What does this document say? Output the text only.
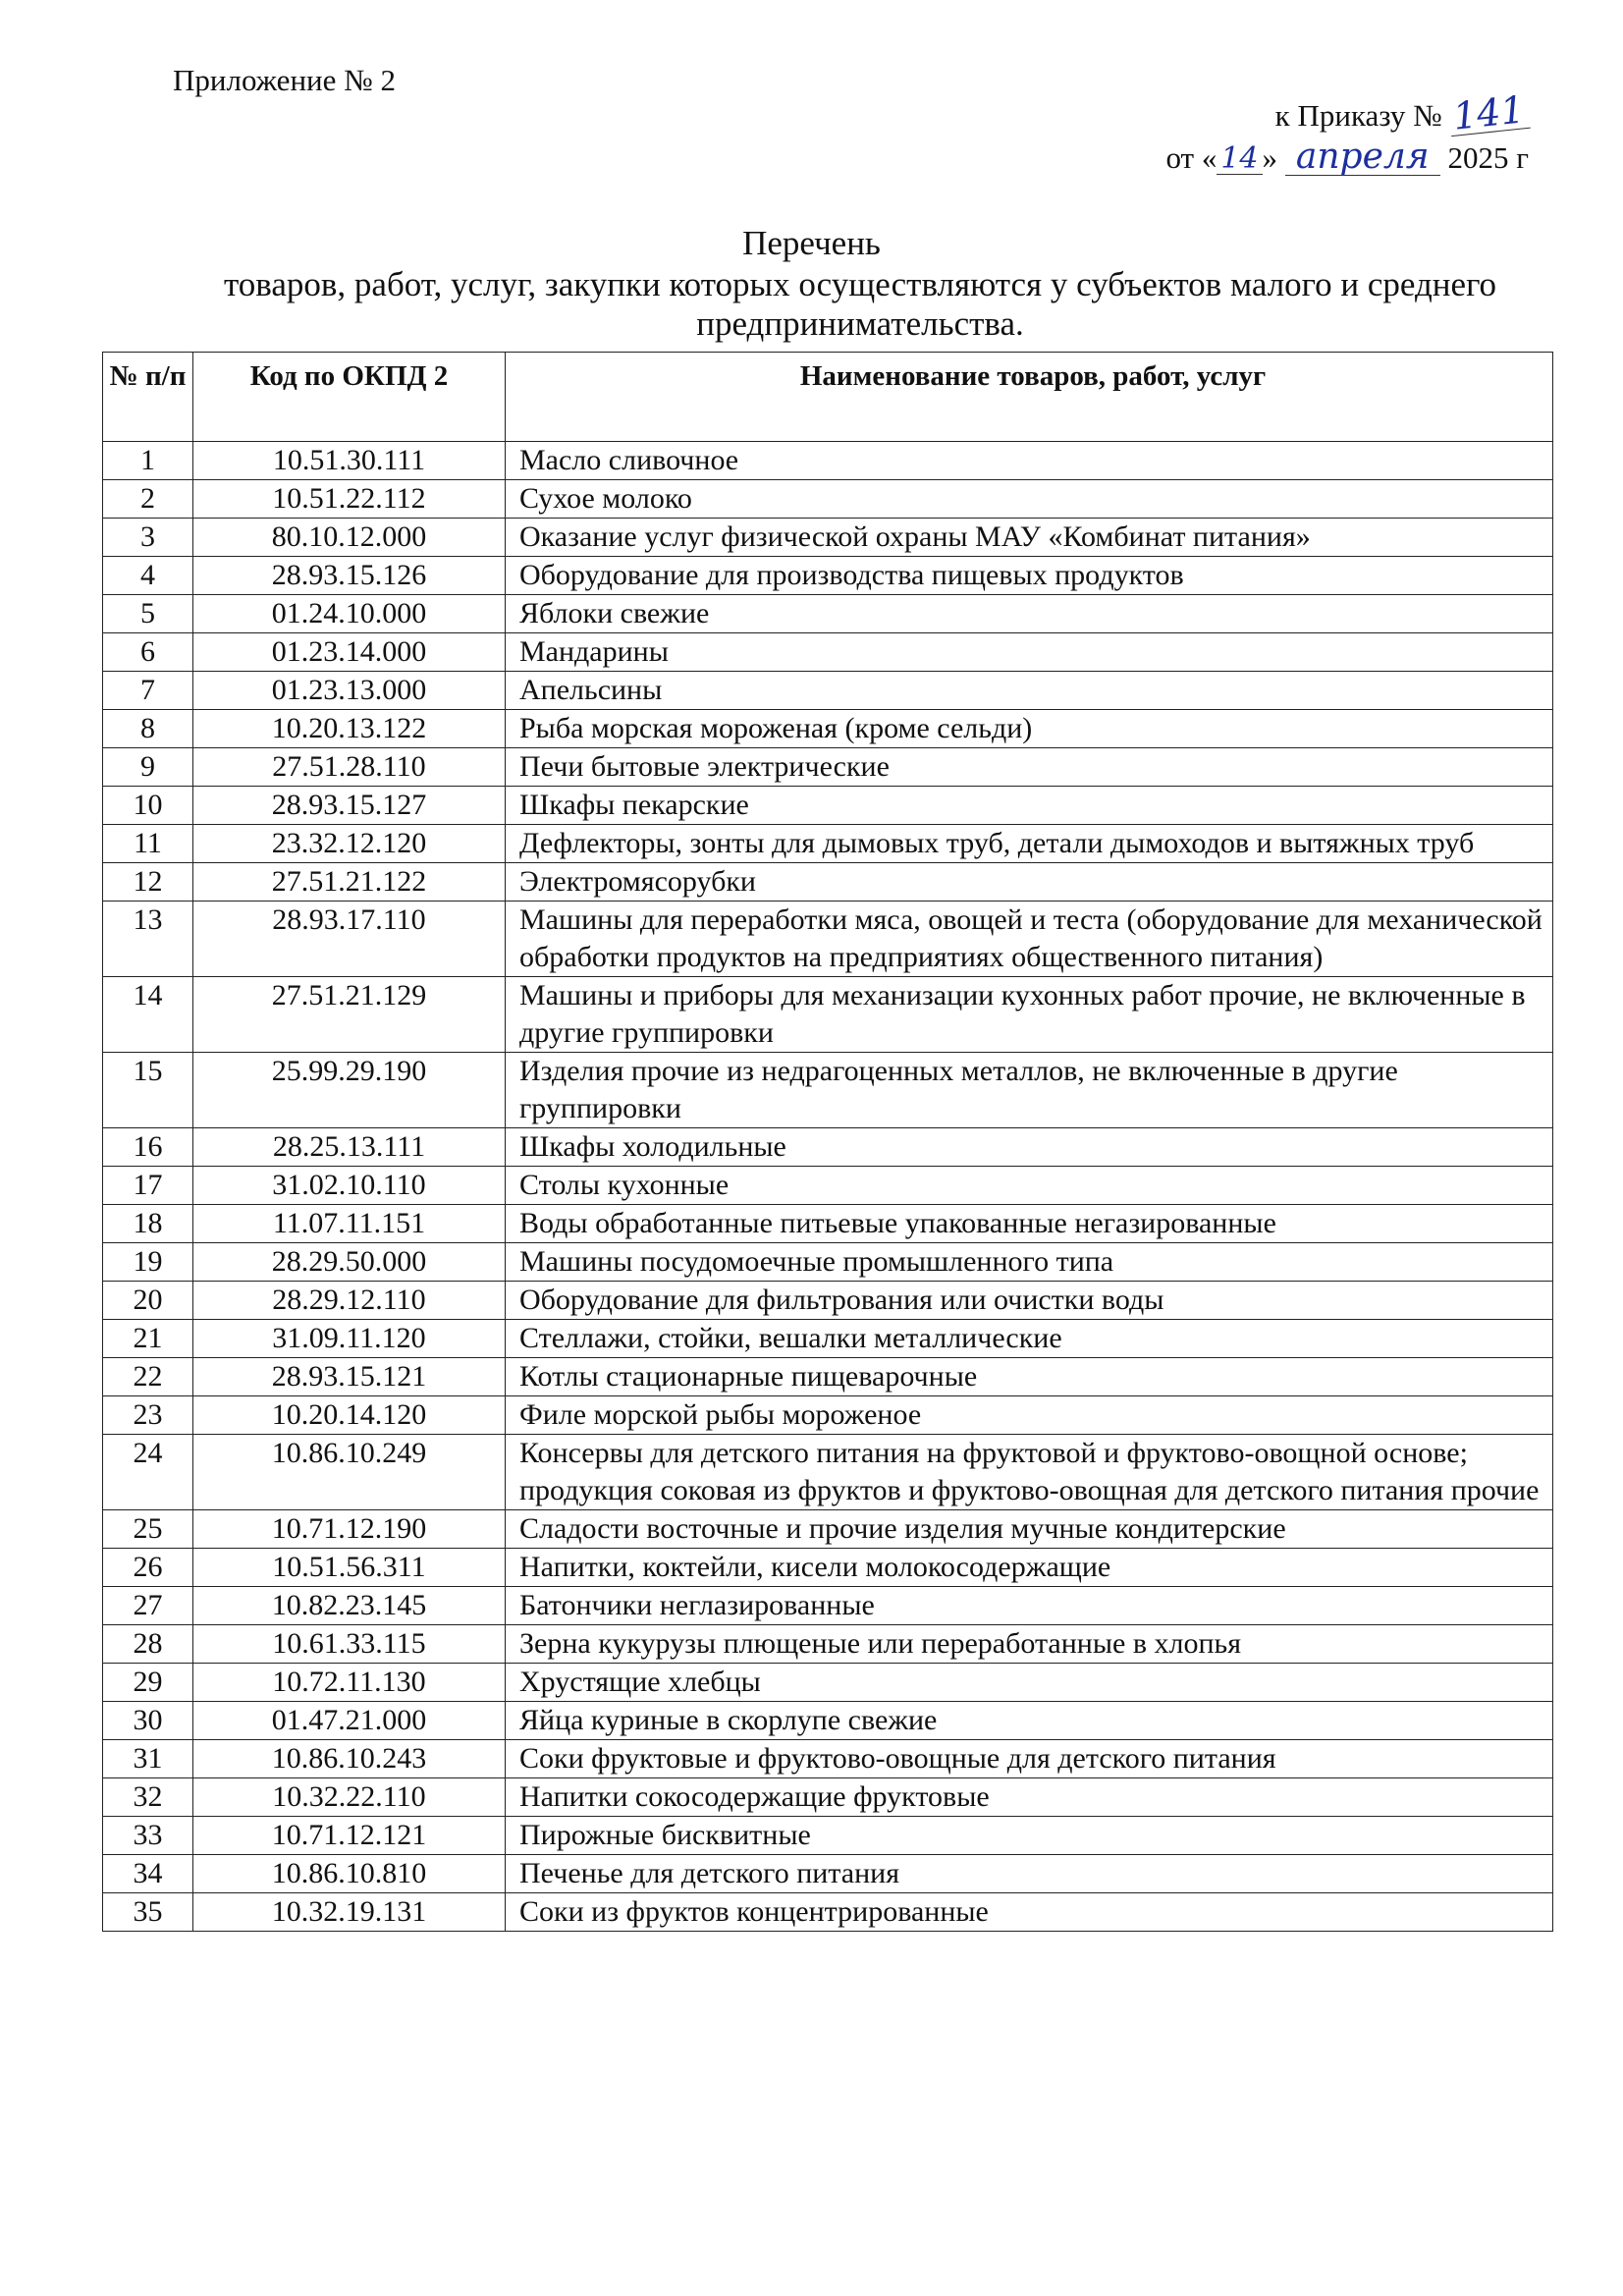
Приложение № 2
к Приказу № 141
от « 14 » апреля 2025 г
Перечень
товаров, работ, услуг, закупки которых осуществляются у субъектов малого и среднего предпринимательства.
№ п/п	Код по ОКПД 2	Наименование товаров, работ, услуг
1	10.51.30.111	Масло сливочное
2	10.51.22.112	Сухое молоко
3	80.10.12.000	Оказание услуг физической охраны МАУ «Комбинат питания»
4	28.93.15.126	Оборудование для производства пищевых продуктов
5	01.24.10.000	Яблоки свежие
6	01.23.14.000	Мандарины
7	01.23.13.000	Апельсины
8	10.20.13.122	Рыба морская мороженая (кроме сельди)
9	27.51.28.110	Печи бытовые электрические
10	28.93.15.127	Шкафы пекарские
11	23.32.12.120	Дефлекторы, зонты для дымовых труб, детали дымоходов и вытяжных труб
12	27.51.21.122	Электромясорубки
13	28.93.17.110	Машины для переработки мяса, овощей и теста (оборудование для механической обработки продуктов на предприятиях общественного питания)
14	27.51.21.129	Машины и приборы для механизации кухонных работ прочие, не включенные в другие группировки
15	25.99.29.190	Изделия прочие из недрагоценных металлов, не включенные в другие группировки
16	28.25.13.111	Шкафы холодильные
17	31.02.10.110	Столы кухонные
18	11.07.11.151	Воды обработанные питьевые упакованные негазированные
19	28.29.50.000	Машины посудомоечные промышленного типа
20	28.29.12.110	Оборудование для фильтрования или очистки воды
21	31.09.11.120	Стеллажи, стойки, вешалки металлические
22	28.93.15.121	Котлы стационарные пищеварочные
23	10.20.14.120	Филе морской рыбы мороженое
24	10.86.10.249	Консервы для детского питания на фруктовой и фруктово-овощной основе; продукция соковая из фруктов и фруктово-овощная для детского питания прочие
25	10.71.12.190	Сладости восточные и прочие изделия мучные кондитерские
26	10.51.56.311	Напитки, коктейли, кисели молокосодержащие
27	10.82.23.145	Батончики неглазированные
28	10.61.33.115	Зерна кукурузы плющеные или переработанные в хлопья
29	10.72.11.130	Хрустящие хлебцы
30	01.47.21.000	Яйца куриные в скорлупе свежие
31	10.86.10.243	Соки фруктовые и фруктово-овощные для детского питания
32	10.32.22.110	Напитки сокосодержащие фруктовые
33	10.71.12.121	Пирожные бисквитные
34	10.86.10.810	Печенье для детского питания
35	10.32.19.131	Соки из фруктов концентрированные
